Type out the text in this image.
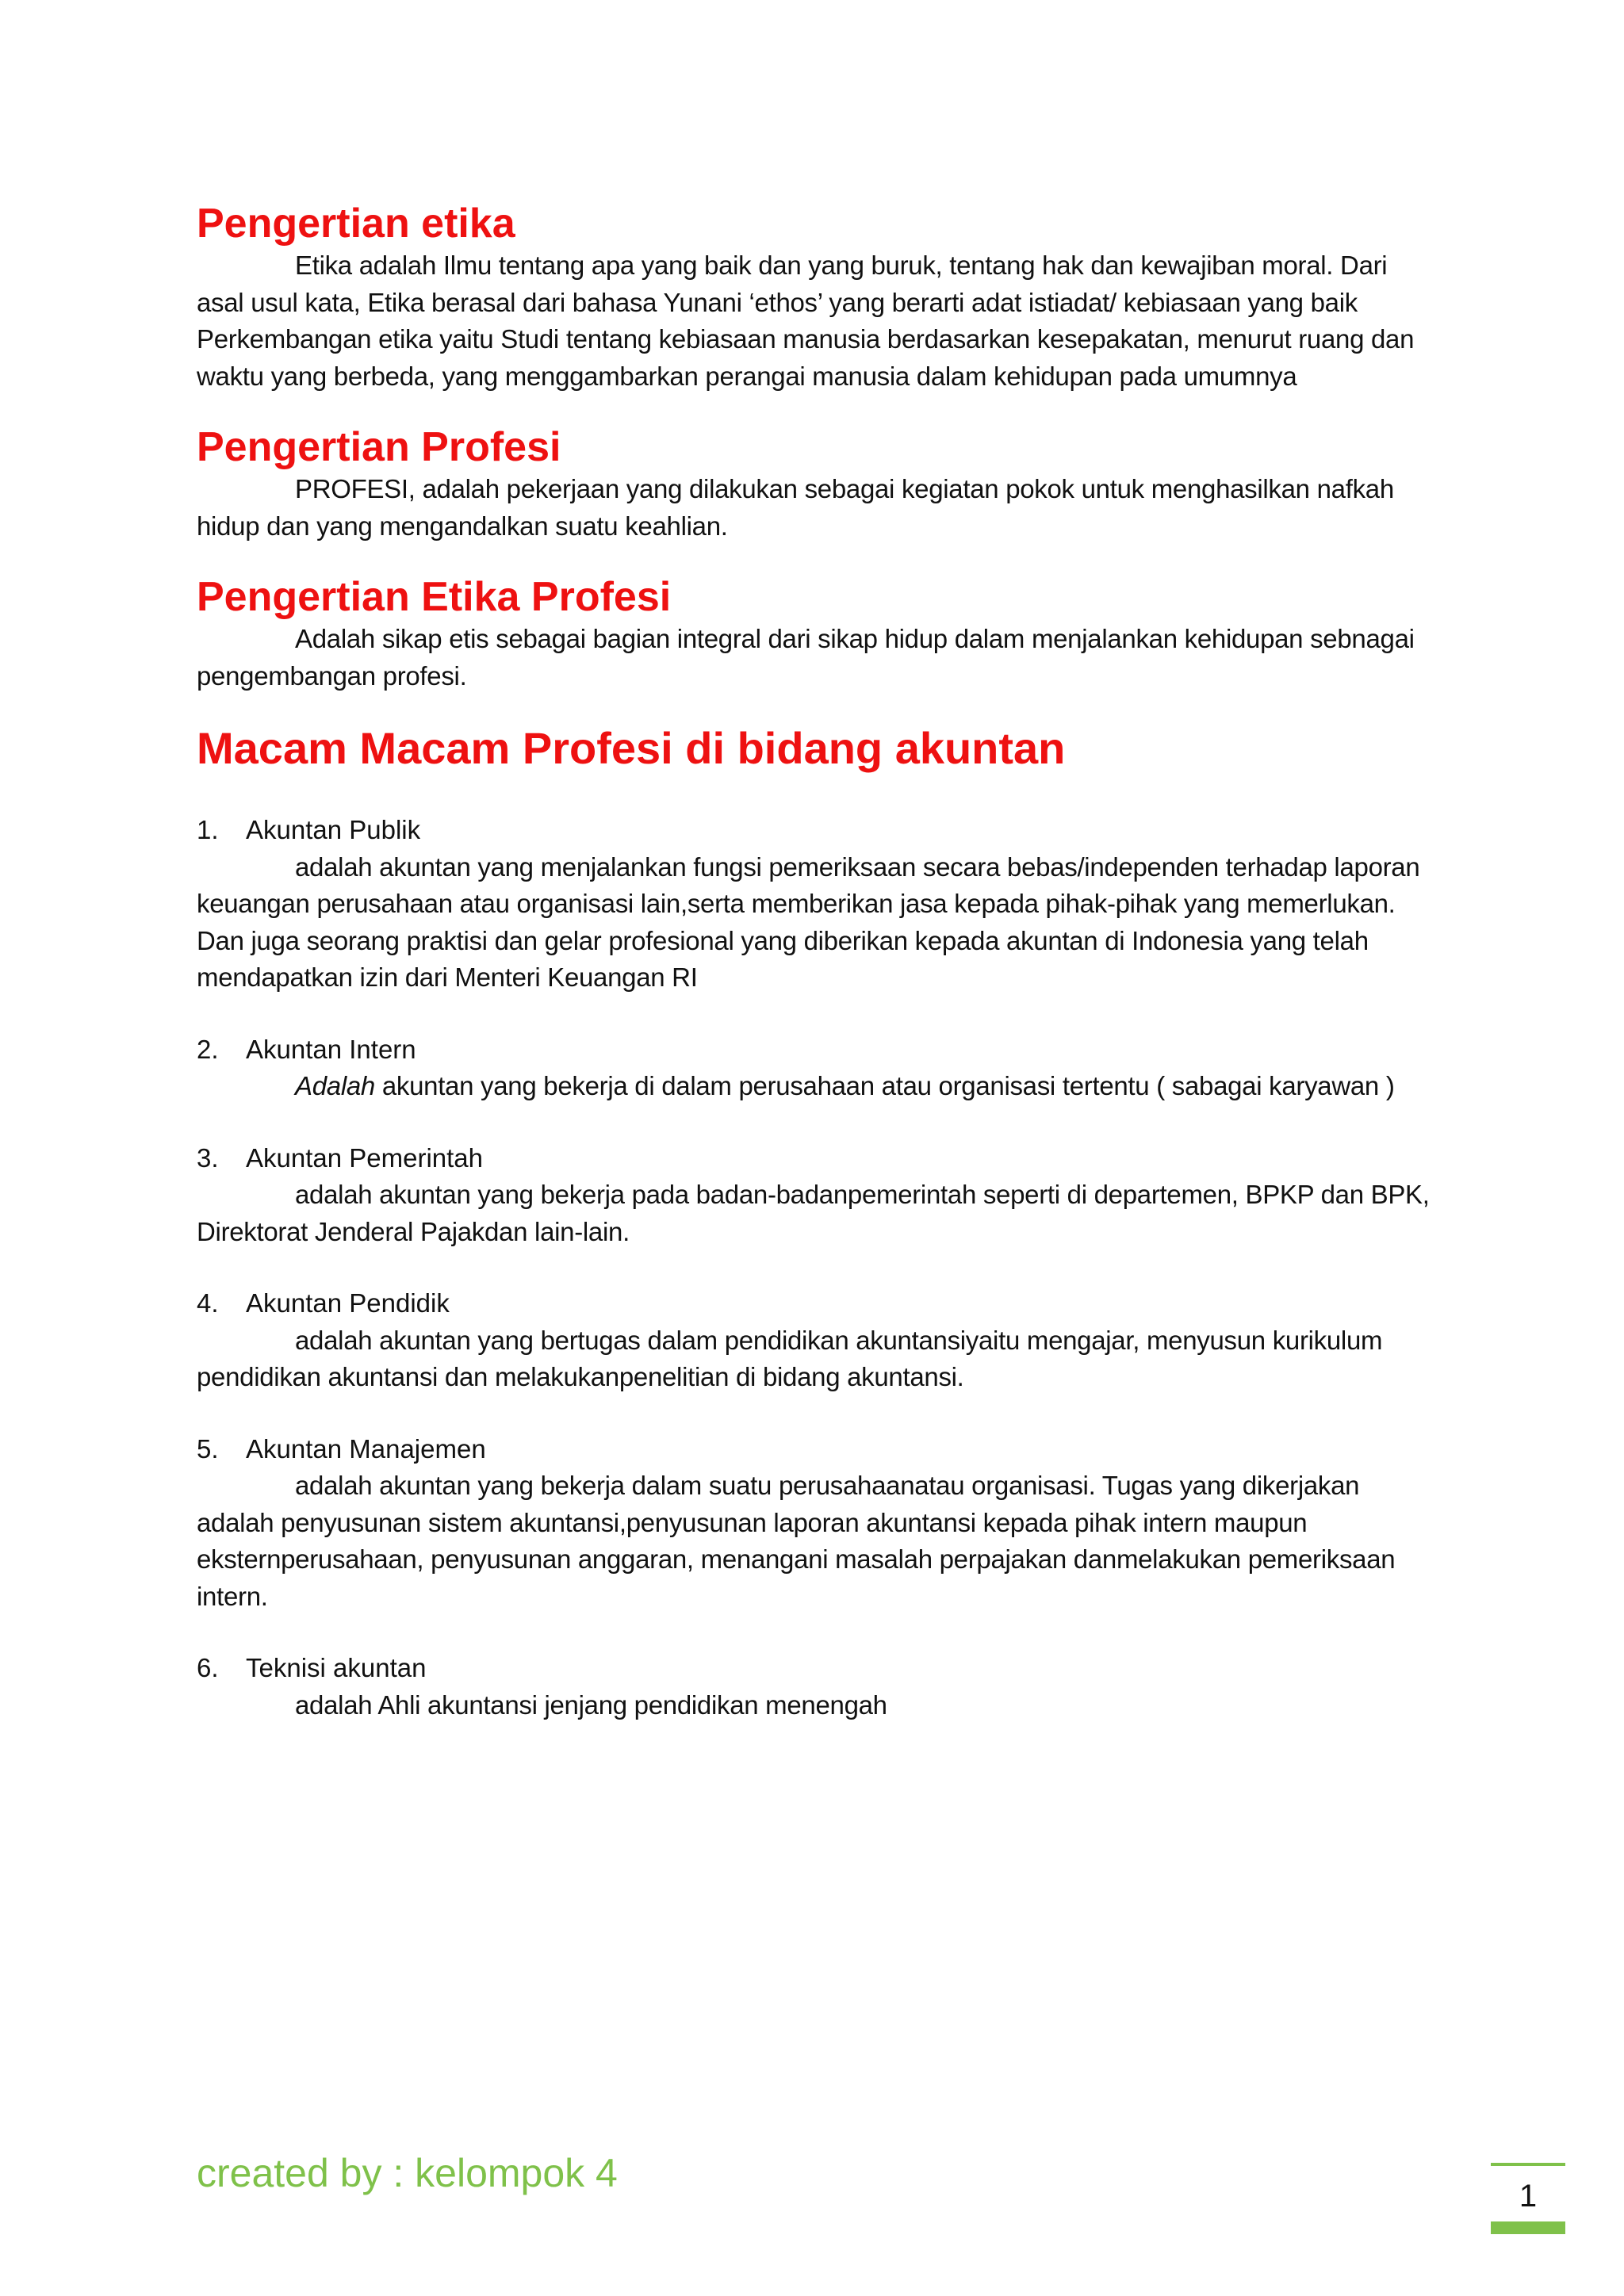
Pengertian etika

Etika adalah Ilmu tentang apa yang baik dan yang buruk, tentang hak dan kewajiban moral. Dari asal usul kata, Etika berasal dari bahasa Yunani ‘ethos’ yang berarti adat istiadat/ kebiasaan yang baik Perkembangan etika yaitu Studi tentang kebiasaan manusia berdasarkan kesepakatan, menurut ruang dan waktu yang berbeda, yang menggambarkan perangai manusia dalam kehidupan pada umumnya

Pengertian Profesi

PROFESI, adalah pekerjaan yang dilakukan sebagai kegiatan pokok untuk menghasilkan nafkah hidup dan yang mengandalkan suatu keahlian.

Pengertian Etika Profesi

Adalah sikap etis sebagai bagian integral dari sikap hidup dalam menjalankan kehidupan sebnagai pengembangan profesi.

Macam Macam Profesi di bidang akuntan
1.	Akuntan Publik

adalah akuntan yang menjalankan fungsi pemeriksaan secara bebas/independen terhadap laporan keuangan perusahaan atau organisasi lain,serta memberikan jasa kepada pihak-pihak yang memerlukan. Dan juga seorang praktisi dan gelar profesional yang diberikan kepada akuntan di Indonesia yang telah mendapatkan izin dari Menteri Keuangan RI

2.	Akuntan Intern

Adalah akuntan yang bekerja di dalam perusahaan atau organisasi tertentu ( sabagai karyawan )

3.	Akuntan Pemerintah

adalah akuntan yang bekerja pada badan-badanpemerintah seperti di departemen, BPKP dan BPK, Direktorat Jenderal Pajakdan lain-lain.

4.	Akuntan Pendidik

adalah akuntan yang bertugas dalam pendidikan akuntansiyaitu mengajar, menyusun kurikulum pendidikan akuntansi dan melakukanpenelitian di bidang akuntansi.

5.	Akuntan Manajemen

adalah akuntan yang bekerja dalam suatu perusahaanatau organisasi. Tugas yang dikerjakan adalah penyusunan sistem akuntansi,penyusunan laporan akuntansi kepada pihak intern maupun eksternperusahaan, penyusunan anggaran, menangani masalah perpajakan danmelakukan pemeriksaan intern.

6.	Teknisi akuntan

adalah Ahli akuntansi jenjang pendidikan menengah

created by : kelompok 4
1
